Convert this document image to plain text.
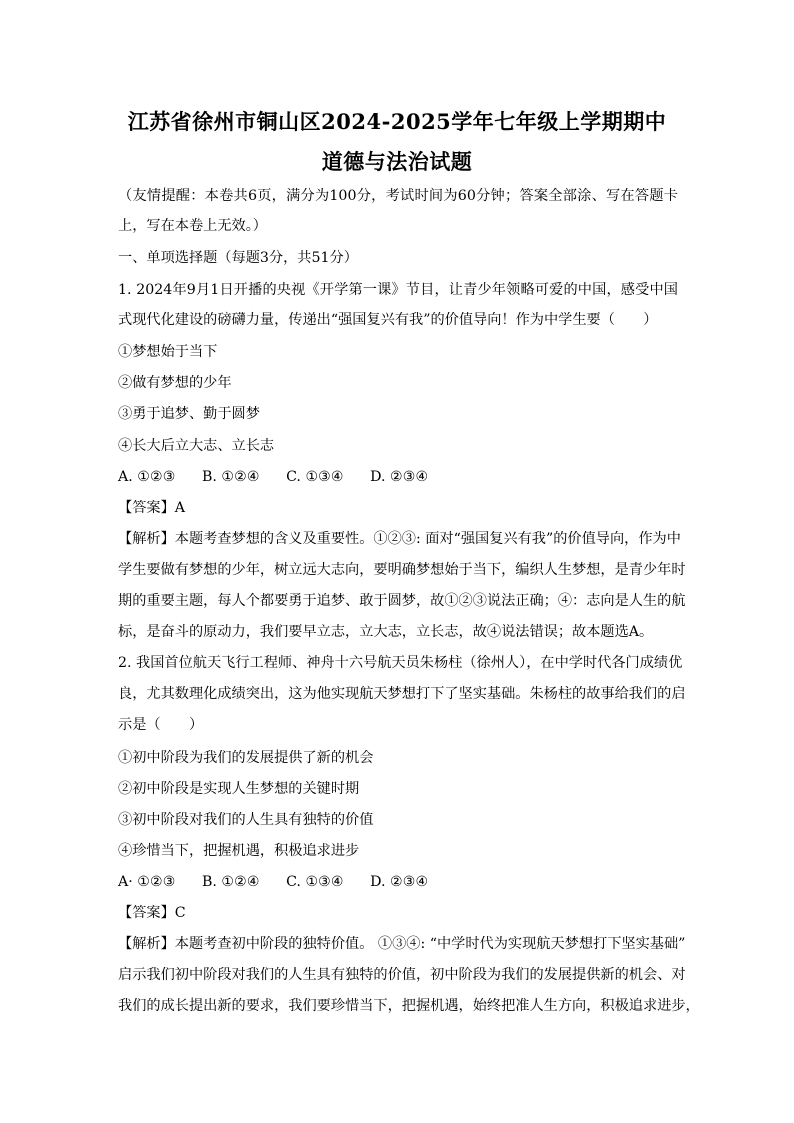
江苏省徐州市铜山区2024-2025学年七年级上学期期中
道德与法治试题
（友情提醒：本卷共6页，满分为100分，考试时间为60分钟；答案全部涂、写在答题卡
上，写在本卷上无效。）
一、单项选择题（每题3分，共51分）
1. 2024年9月1日开播的央视《开学第一课》节目，让青少年领略可爱的中国，感受中国
式现代化建设的磅礴力量，传递出“强国复兴有我”的价值导向！作为中学生要（　　）
①梦想始于当下
②做有梦想的少年
③勇于追梦、勤于圆梦
④长大后立大志、立长志
A. ①②③ B. ①②④ C. ①③④ D. ②③④
【答案】A
【解析】本题考查梦想的含义及重要性。①②③: 面对“强国复兴有我”的价值导向，作为中
学生要做有梦想的少年，树立远大志向，要明确梦想始于当下，编织人生梦想，是青少年时
期的重要主题，每人个都要勇于追梦、敢于圆梦，故①②③说法正确；④：志向是人生的航
标，是奋斗的原动力，我们要早立志，立大志，立长志，故④说法错误；故本题选A。
2. 我国首位航天飞行工程师、神舟十六号航天员朱杨柱（徐州人），在中学时代各门成绩优
良，尤其数理化成绩突出，这为他实现航天梦想打下了坚实基础。朱杨柱的故事给我们的启
示是（　　）
①初中阶段为我们的发展提供了新的机会
②初中阶段是实现人生梦想的关键时期
③初中阶段对我们的人生具有独特的价值
④珍惜当下，把握机遇，积极追求进步
A· ①②③ B. ①②④ C. ①③④ D. ②③④
【答案】C
【解析】本题考查初中阶段的独特价值。 ①③④: “中学时代为实现航天梦想打下坚实基础”
启示我们初中阶段对我们的人生具有独特的价值，初中阶段为我们的发展提供新的机会、对
我们的成长提出新的要求，我们要珍惜当下，把握机遇，始终把准人生方向，积极追求进步，
